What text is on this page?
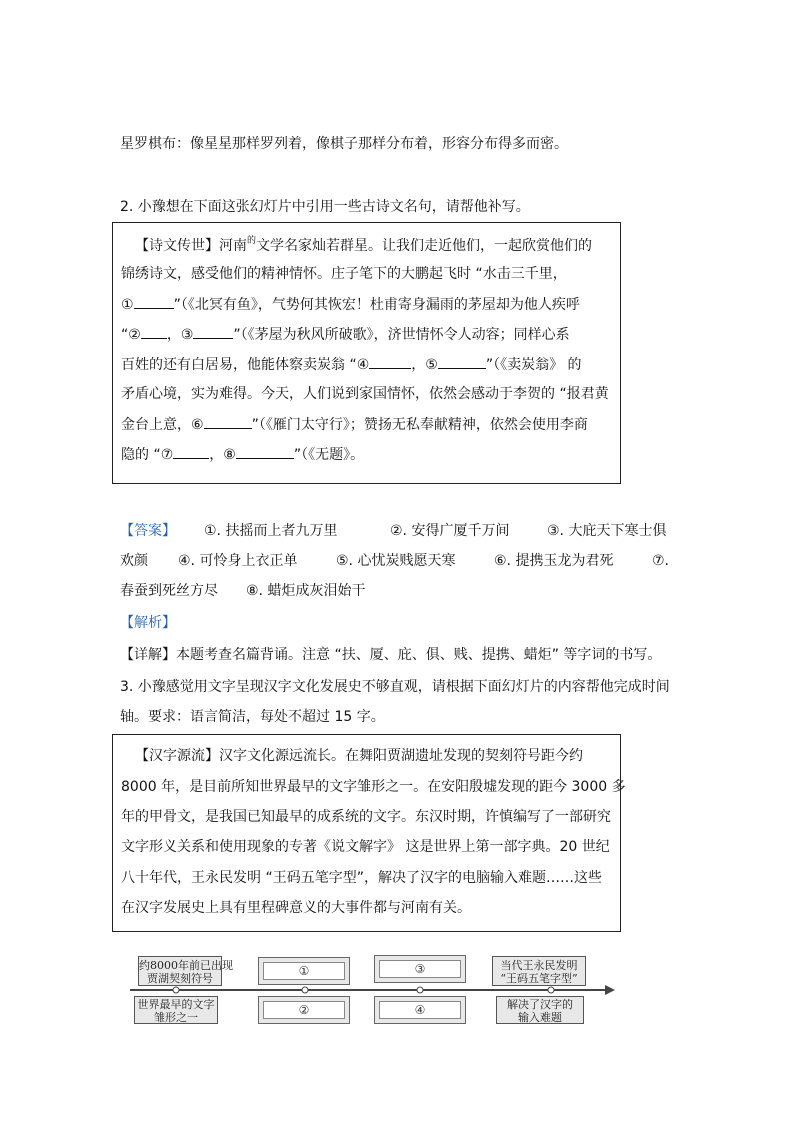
星罗棋布：像星星那样罗列着，像棋子那样分布着，形容分布得多而密。
2. 小豫想在下面这张幻灯片中引用一些古诗文名句，请帮他补写。
【诗文传世】河南$^的$文学名家灿若群星。让我们走近他们，一起欣赏他们的
锦绣诗文，感受他们的精神情怀。庄子笔下的大鹏起飞时 “水击三千里，
①	”（《北冥有鱼》，气势何其恢宏！杜甫寄身漏雨的茅屋却为他人疾呼
“② ，③	”（《茅屋为秋风所破歌》，济世情怀令人动容；同样心系
百姓的还有白居易，他能体察卖炭翁 “④	，⑤	”（《卖炭翁》 的
矛盾心境，实为难得。今天，人们说到家国情怀，依然会感动于李贺的 “报君黄
金台上意，⑥	”（《雁门太守行》；赞扬无私奉献精神，依然会使用李商
隐的 “⑦	，⑧	”（《无题》。
【答案】 ①. 扶摇而上者九万里	②. 安得广厦千万间	③. 大庇天下寒士俱
欢颜 ④. 可怜身上衣正单	⑤. 心忧炭贱愿天寒	⑥. 提携玉龙为君死	⑦.
春蚕到死丝方尽 ⑧. 蜡炬成灰泪始干
【解析】
【详解】本题考查名篇背诵。注意 “扶、厦、庇、俱、贱、提携、蜡炬” 等字词的书写。
3. 小豫感觉用文字呈现汉字文化发展史不够直观，请根据下面幻灯片的内容帮他完成时间
轴。要求：语言简洁，每处不超过 15 字。
【汉字源流】汉字文化源远流长。在舞阳贾湖遗址发现的契刻符号距今约
8000 年，是目前所知世界最早的文字雏形之一。在安阳殷墟发现的距今 3000 多
年的甲骨文，是我国已知最早的成系统的文字。东汉时期，许慎编写了一部研究
文字形义关系和使用现象的专著《说文解字》 这是世界上第一部字典。20 世纪
八十年代，王永民发明 “王码五笔字型”，解决了汉字的电脑输入难题……这些
在汉字发展史上具有里程碑意义的大事件都与河南有关。
约8000年前已出现
贾湖契刻符号
①	③	当代王永民发明
“王码五笔字型”
世界最早的文字
雏形之一
②	④	解决了汉字的
输入难题
